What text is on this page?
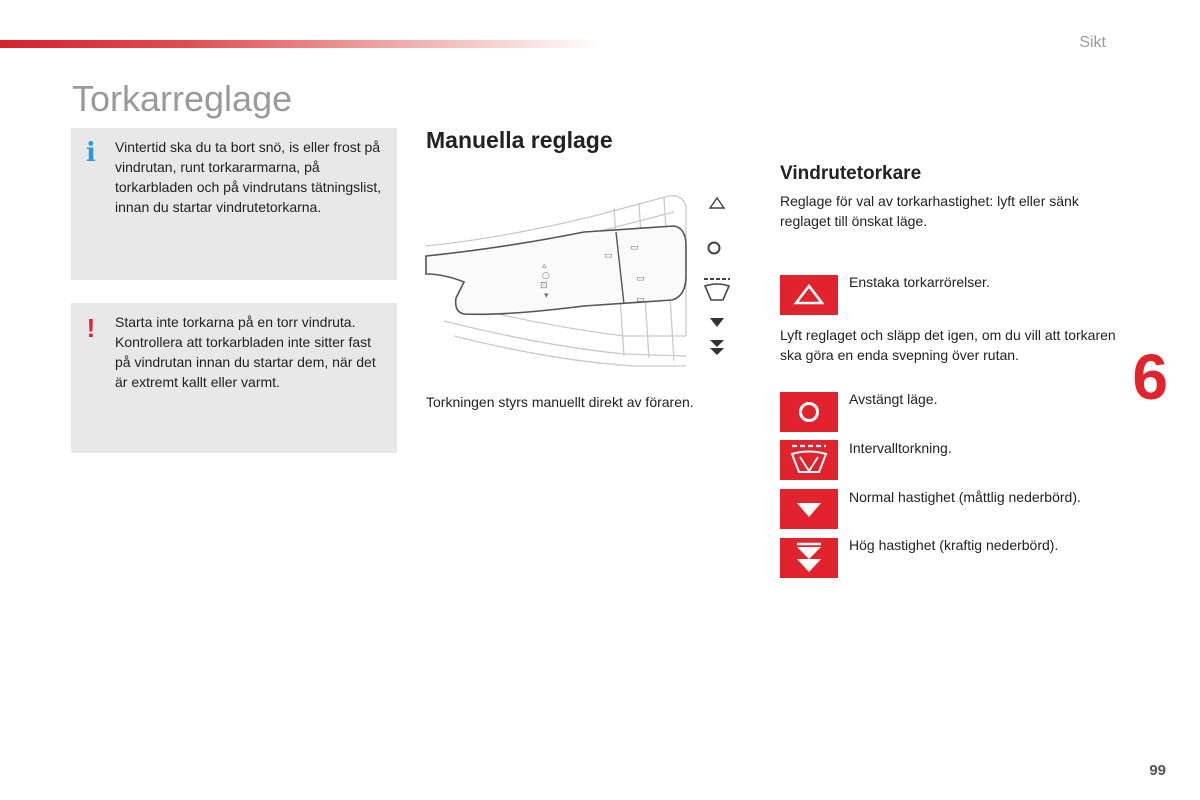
Sikt
Torkarreglage
i Vintertid ska du ta bort snö, is eller frost på vindrutan, runt torkararmarna, på torkarbladen och på vindrutans tätningslist, innan du startar vindrutetorkarna.
! Starta inte torkarna på en torr vindruta. Kontrollera att torkarbladen inte sitter fast på vindrutan innan du startar dem, när det är extremt kallt eller varmt.
Manuella reglage
▵
○
⊡
▾
▭
▭
▭
▭
Torkningen styrs manuellt direkt av föraren.
Vindrutetorkare
Reglage för val av torkarhastighet: lyft eller sänk reglaget till önskat läge.
Enstaka torkarrörelser.
Lyft reglaget och släpp det igen, om du vill att torkaren ska göra en enda svepning över rutan.
Avstängt läge.
Intervalltorkning.
Normal hastighet (måttlig nederbörd).
Hög hastighet (kraftig nederbörd).
6
99
